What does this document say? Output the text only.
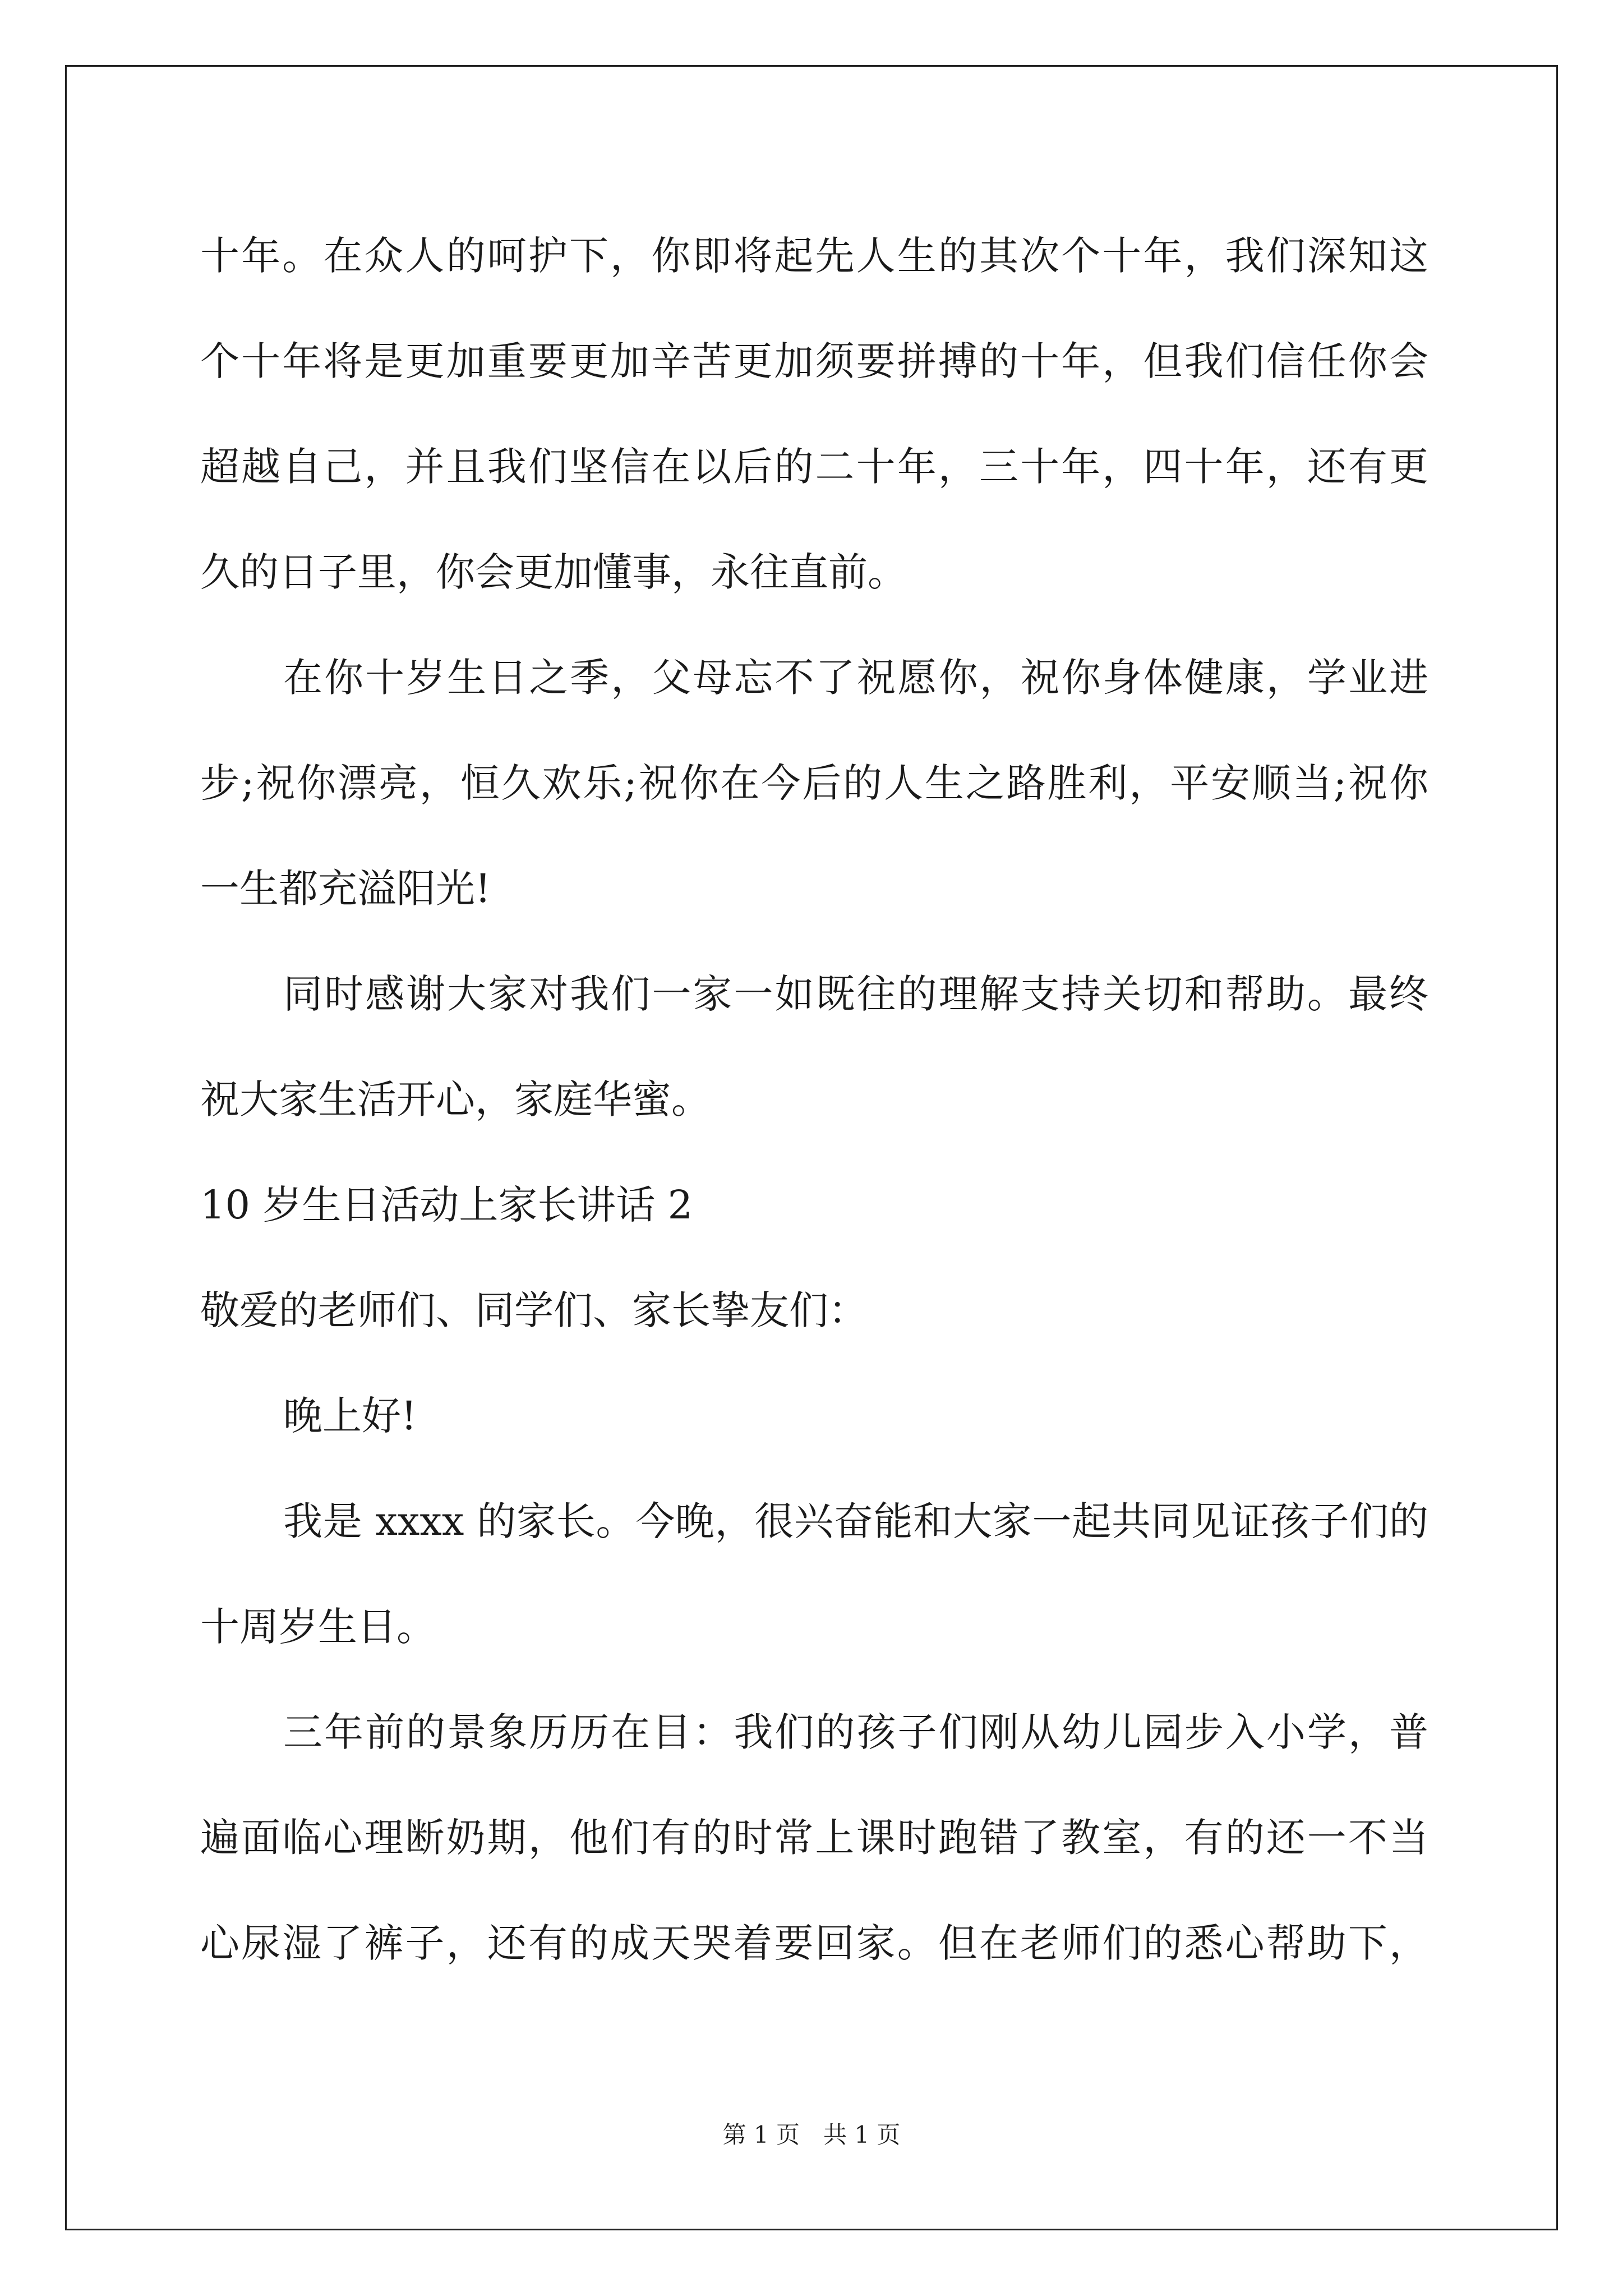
十年。在众人的呵护下，你即将起先人生的其次个十年，我们深知这
个十年将是更加重要更加辛苦更加须要拼搏的十年，但我们信任你会
超越自己，并且我们坚信在以后的二十年，三十年，四十年，还有更
久的日子里，你会更加懂事，永往直前。
在你十岁生日之季，父母忘不了祝愿你，祝你身体健康，学业进
步;祝你漂亮，恒久欢乐;祝你在今后的人生之路胜利，平安顺当;祝你
一生都充溢阳光!
同时感谢大家对我们一家一如既往的理解支持关切和帮助。最终
祝大家生活开心，家庭华蜜。
10 岁生日活动上家长讲话 2
敬爱的老师们、同学们、家长挚友们：
晚上好!
我是 xxxx 的家长。今晚，很兴奋能和大家一起共同见证孩子们的
十周岁生日。
三年前的景象历历在目：我们的孩子们刚从幼儿园步入小学，普
遍面临心理断奶期，他们有的时常上课时跑错了教室，有的还一不当
心尿湿了裤子，还有的成天哭着要回家。但在老师们的悉心帮助下，
第 1 页　共 1 页
